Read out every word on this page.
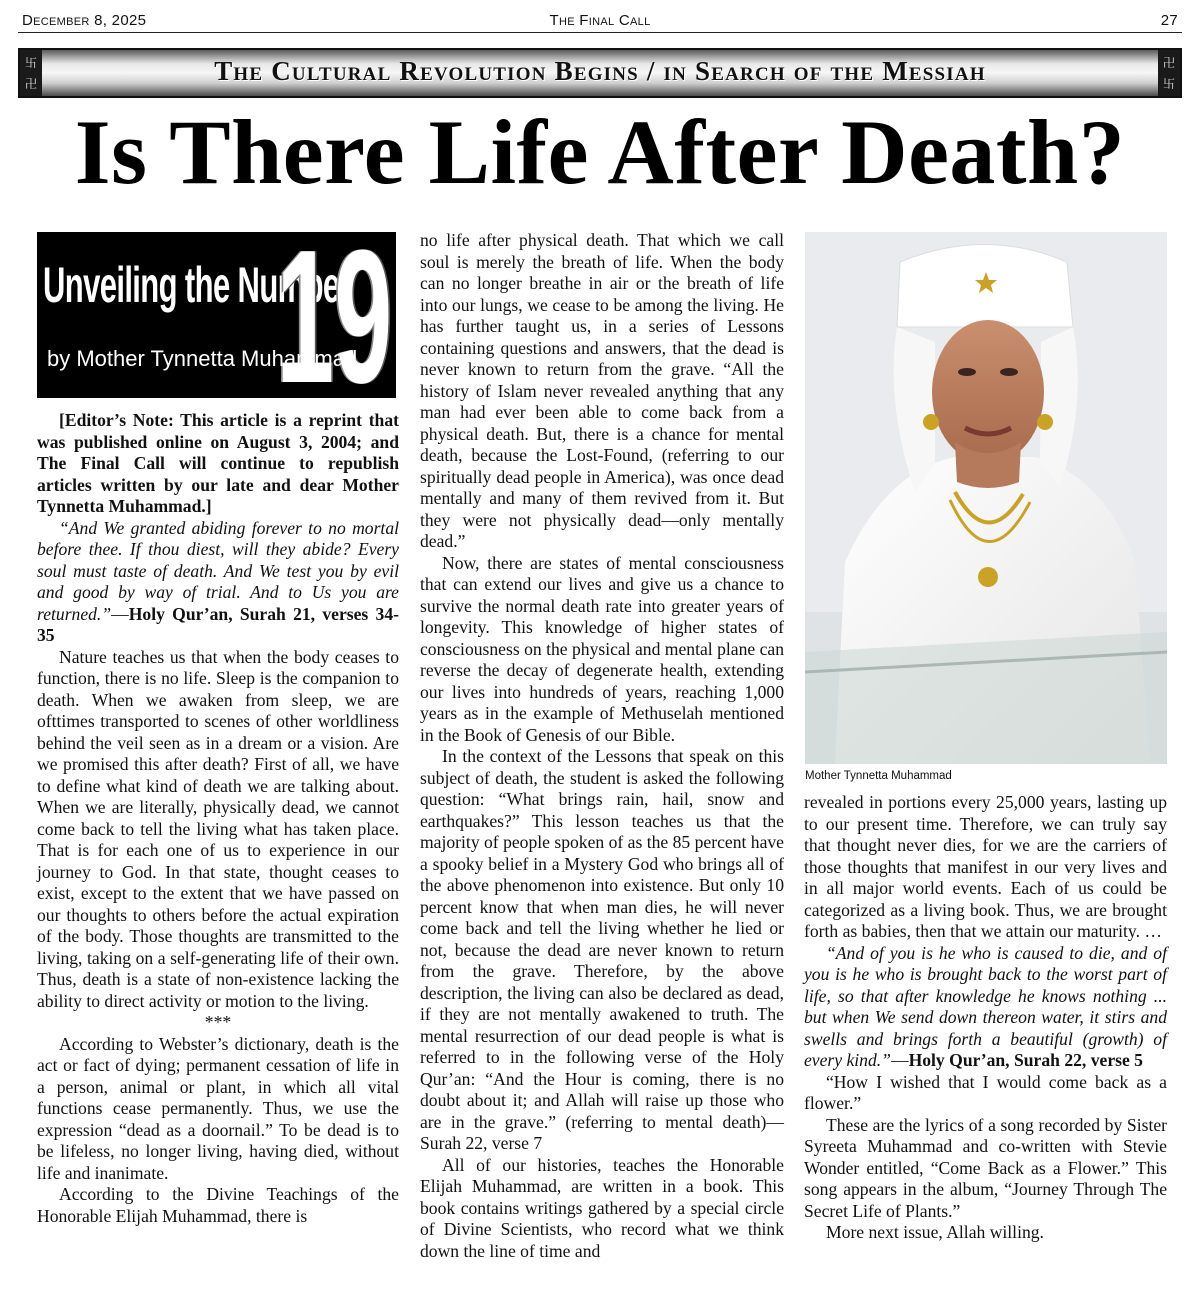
December 8, 2025	The Final Call	27
卐
卍	The Cultural Revolution Begins / in Search of the Messiah	卍
卐
Is There Life After Death?
Unveiling the Number
19
by Mother Tynnetta Muhammad

[Editor’s Note: This article is a reprint that was published online on August 3, 2004; and The Final Call will continue to republish articles written by our late and dear Mother Tynnetta Muhammad.]

“And We granted abiding forever to no mortal before thee. If thou diest, will they abide? Every soul must taste of death. And We test you by evil and good by way of trial. And to Us you are returned.”—Holy Qur’an, Surah 21, verses 34-35

Nature teaches us that when the body ceases to function, there is no life. Sleep is the companion to death. When we awaken from sleep, we are ofttimes transported to scenes of other worldliness behind the veil seen as in a dream or a vision. Are we promised this after death? First of all, we have to define what kind of death we are talking about. When we are literally, physically dead, we cannot come back to tell the living what has taken place. That is for each one of us to experience in our journey to God. In that state, thought ceases to exist, except to the extent that we have passed on our thoughts to others before the actual expiration of the body. Those thoughts are transmitted to the living, taking on a self-generating life of their own. Thus, death is a state of non-existence lacking the ability to direct activity or motion to the living.

***

According to Webster’s dictionary, death is the act or fact of dying; permanent cessation of life in a person, animal or plant, in which all vital functions cease permanently. Thus, we use the expression “dead as a doornail.” To be dead is to be lifeless, no longer living, having died, without life and inanimate.

According to the Divine Teachings of the Honorable Elijah Muhammad, there is

no life after physical death. That which we call soul is merely the breath of life. When the body can no longer breathe in air or the breath of life into our lungs, we cease to be among the living. He has further taught us, in a series of Lessons containing questions and answers, that the dead is never known to return from the grave. “All the history of Islam never revealed anything that any man had ever been able to come back from a physical death. But, there is a chance for mental death, because the Lost-Found, (referring to our spiritually dead people in America), was once dead mentally and many of them revived from it. But they were not physically dead—only mentally dead.”

Now, there are states of mental consciousness that can extend our lives and give us a chance to survive the normal death rate into greater years of longevity. This knowledge of higher states of consciousness on the physical and mental plane can reverse the decay of degenerate health, extending our lives into hundreds of years, reaching 1,000 years as in the example of Methuselah mentioned in the Book of Genesis of our Bible.

In the context of the Lessons that speak on this subject of death, the student is asked the following question: “What brings rain, hail, snow and earthquakes?” This lesson teaches us that the majority of people spoken of as the 85 percent have a spooky belief in a Mystery God who brings all of the above phenomenon into existence. But only 10 percent know that when man dies, he will never come back and tell the living whether he lied or not, because the dead are never known to return from the grave. Therefore, by the above description, the living can also be declared as dead, if they are not mentally awakened to truth. The mental resurrection of our dead people is what is referred to in the following verse of the Holy Qur’an: “And the Hour is coming, there is no doubt about it; and Allah will raise up those who are in the grave.” (referring to mental death)—Surah 22, verse 7

All of our histories, teaches the Honorable Elijah Muhammad, are written in a book. This book contains writings gathered by a special circle of Divine Scientists, who record what we think down the line of time and

Mother Tynnetta Muhammad

revealed in portions every 25,000 years, lasting up to our present time. Therefore, we can truly say that thought never dies, for we are the carriers of those thoughts that manifest in our very lives and in all major world events. Each of us could be categorized as a living book. Thus, we are brought forth as babies, then that we attain our maturity. …

“And of you is he who is caused to die, and of you is he who is brought back to the worst part of life, so that after knowledge he knows nothing ... but when We send down thereon water, it stirs and swells and brings forth a beautiful (growth) of every kind.”—Holy Qur’an, Surah 22, verse 5

“How I wished that I would come back as a flower.”

These are the lyrics of a song recorded by Sister Syreeta Muhammad and co-written with Stevie Wonder entitled, “Come Back as a Flower.” This song appears in the album, “Journey Through The Secret Life of Plants.”

More next issue, Allah willing.
